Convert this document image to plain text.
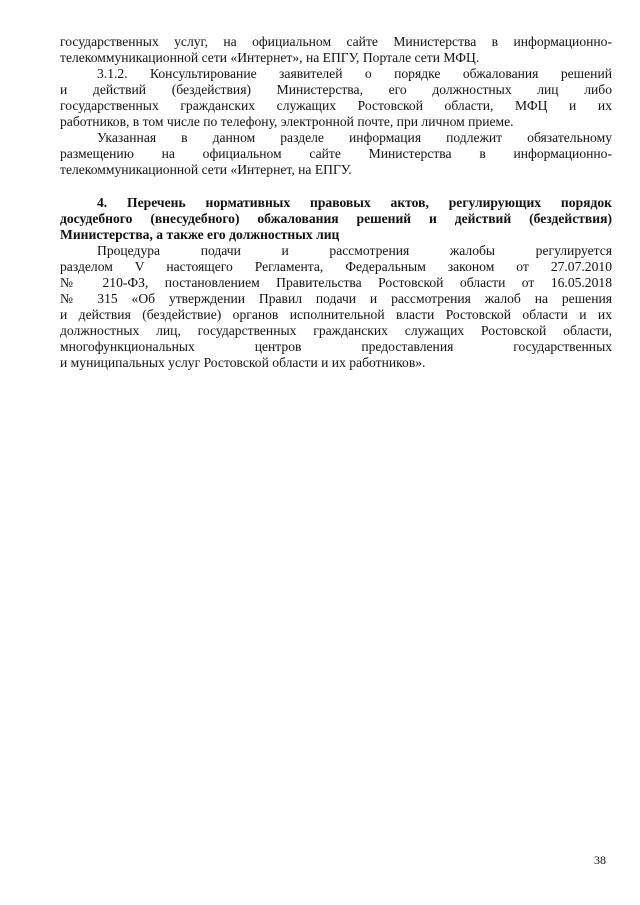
государственных услуг, на официальном сайте Министерства в информационно-
телекоммуникационной сети «Интернет», на ЕПГУ, Портале сети МФЦ.
3.1.2. Консультирование заявителей о порядке обжалования решений
и действий (бездействия) Министерства, его должностных лиц либо
государственных гражданских служащих Ростовской области, МФЦ и их
работников, в том числе по телефону, электронной почте, при личном приеме.
Указанная в данном разделе информация подлежит обязательному
размещению на официальном сайте Министерства в информационно-
телекоммуникационной сети «Интернет, на ЕПГУ.
4. Перечень нормативных правовых актов, регулирующих порядок
досудебного (внесудебного) обжалования решений и действий (бездействия)
Министерства, а также его должностных лиц
Процедура подачи и рассмотрения жалобы регулируется
разделом V настоящего Регламента, Федеральным законом от 27.07.2010
№ 210-ФЗ, постановлением Правительства Ростовской области от 16.05.2018
№ 315 «Об утверждении Правил подачи и рассмотрения жалоб на решения
и действия (бездействие) органов исполнительной власти Ростовской области и их
должностных лиц, государственных гражданских служащих Ростовской области,
многофункциональных центров предоставления государственных
и муниципальных услуг Ростовской области и их работников».
38
